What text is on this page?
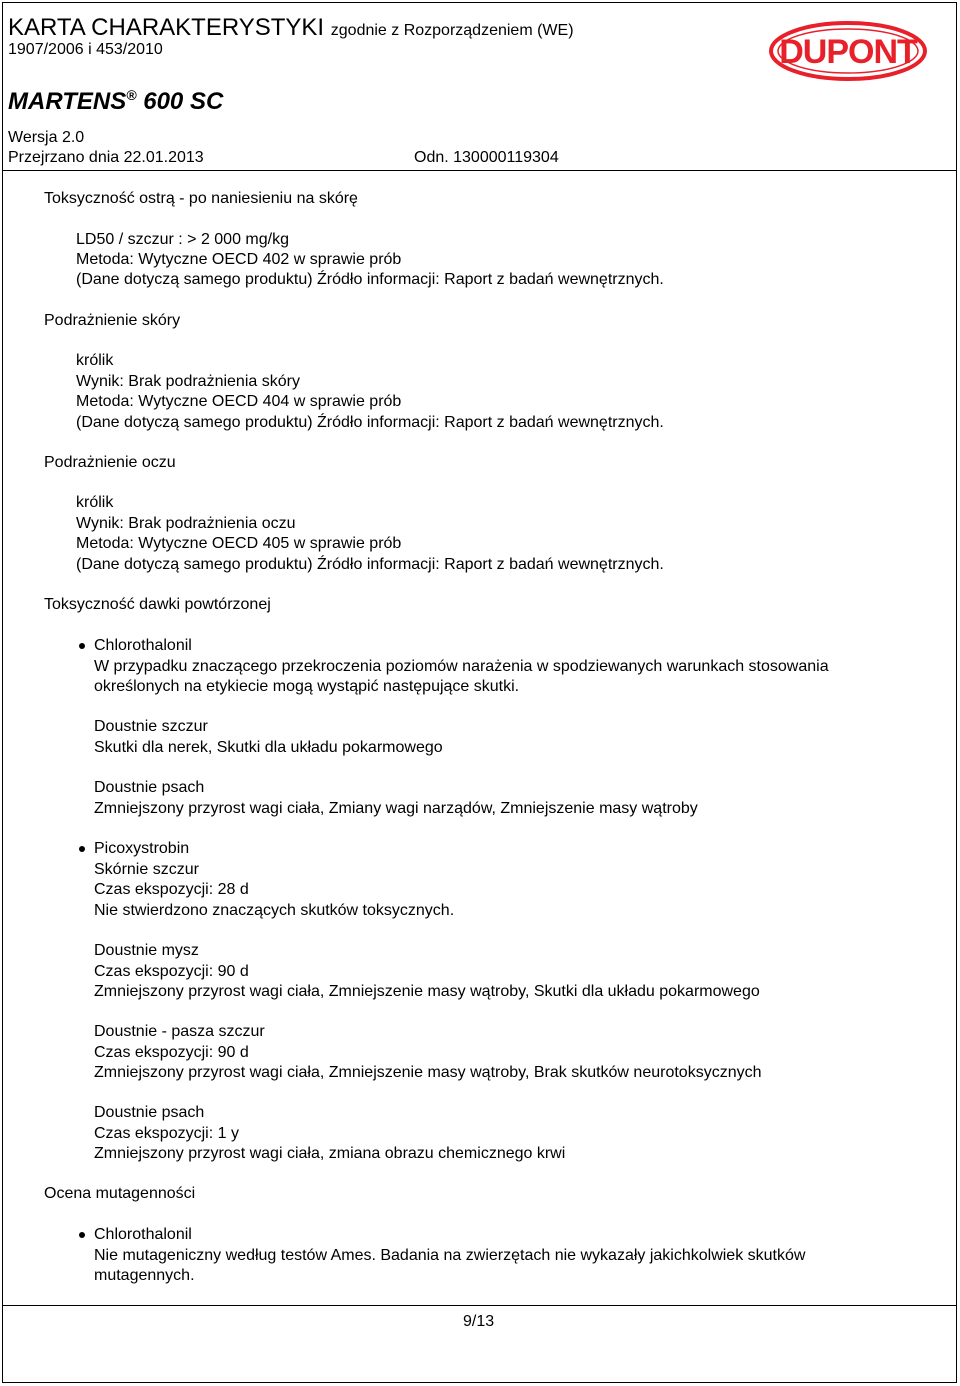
KARTA CHARAKTERYSTYKI zgodnie z Rozporządzeniem (WE)
1907/2006 i 453/2010
MARTENS® 600 SC
Wersja 2.0
Przejrzano dnia 22.01.2013	Odn. 130000119304
DUPONT
Toksyczność ostrą - po naniesieniu na skórę
LD50 / szczur : > 2 000 mg/kg
Metoda: Wytyczne OECD 402 w sprawie prób
(Dane dotyczą samego produktu) Źródło informacji: Raport z badań wewnętrznych.
Podrażnienie skóry
królik
Wynik: Brak podrażnienia skóry
Metoda: Wytyczne OECD 404 w sprawie prób
(Dane dotyczą samego produktu) Źródło informacji: Raport z badań wewnętrznych.
Podrażnienie oczu
królik
Wynik: Brak podrażnienia oczu
Metoda: Wytyczne OECD 405 w sprawie prób
(Dane dotyczą samego produktu) Źródło informacji: Raport z badań wewnętrznych.
Toksyczność dawki powtórzonej
Chlorothalonil
W przypadku znaczącego przekroczenia poziomów narażenia w spodziewanych warunkach stosowania
określonych na etykiecie mogą wystąpić następujące skutki.
Doustnie szczur
Skutki dla nerek, Skutki dla układu pokarmowego
Doustnie psach
Zmniejszony przyrost wagi ciała, Zmiany wagi narządów, Zmniejszenie masy wątroby
Picoxystrobin
Skórnie szczur
Czas ekspozycji: 28 d
Nie stwierdzono znaczących skutków toksycznych.
Doustnie mysz
Czas ekspozycji: 90 d
Zmniejszony przyrost wagi ciała, Zmniejszenie masy wątroby, Skutki dla układu pokarmowego
Doustnie - pasza szczur
Czas ekspozycji: 90 d
Zmniejszony przyrost wagi ciała, Zmniejszenie masy wątroby, Brak skutków neurotoksycznych
Doustnie psach
Czas ekspozycji: 1 y
Zmniejszony przyrost wagi ciała, zmiana obrazu chemicznego krwi
Ocena mutagenności
Chlorothalonil
Nie mutageniczny według testów Ames. Badania na zwierzętach nie wykazały jakichkolwiek skutków
mutagennych.
9/13
